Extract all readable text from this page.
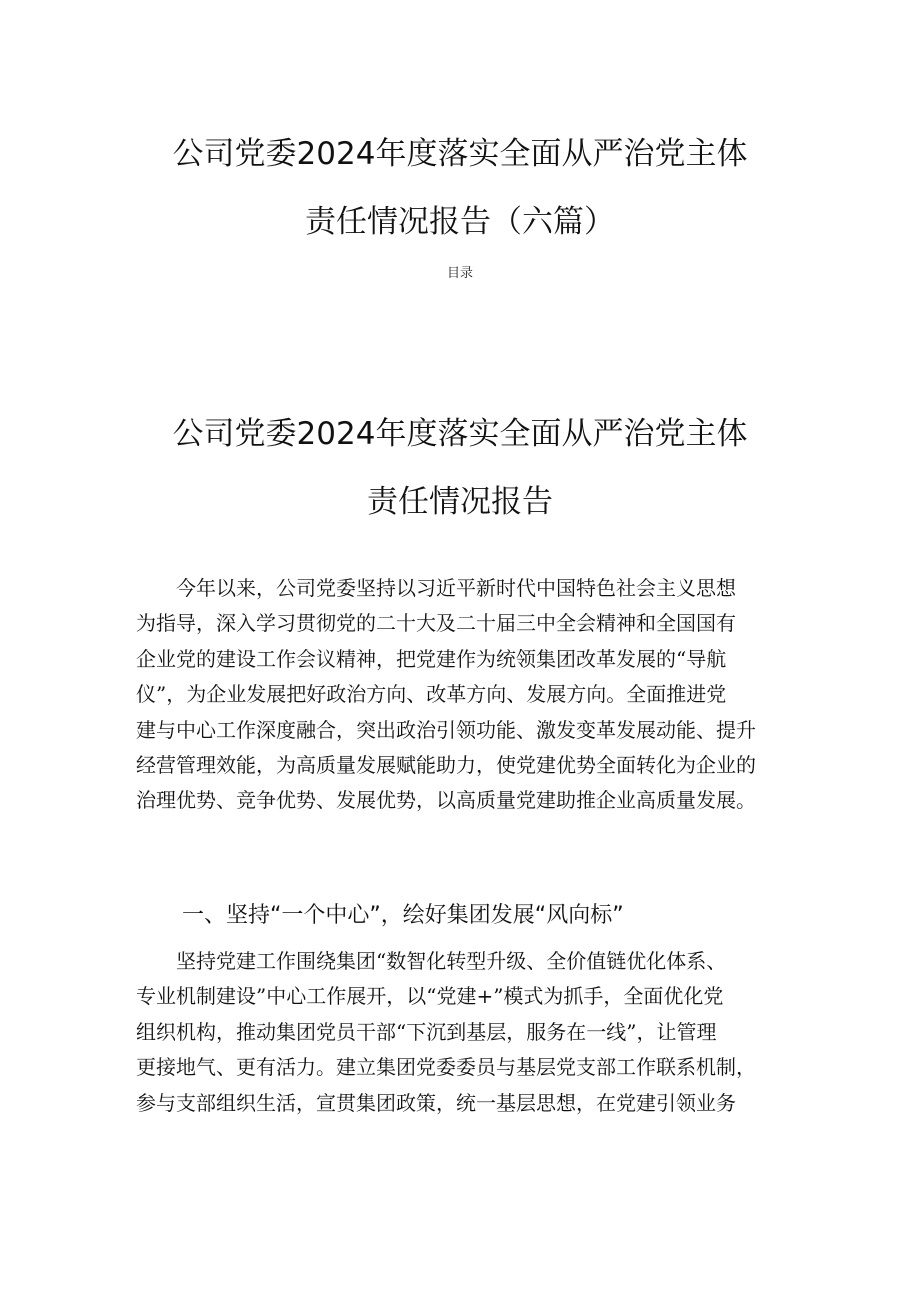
公司党委2024年度落实全面从严治党主体
责任情况报告（六篇）
目录
公司党委2024年度落实全面从严治党主体
责任情况报告
　　今年以来，公司党委坚持以习近平新时代中国特色社会主义思想
为指导，深入学习贯彻党的二十大及二十届三中全会精神和全国国有
企业党的建设工作会议精神，把党建作为统领集团改革发展的“导航
仪”，为企业发展把好政治方向、改革方向、发展方向。全面推进党
建与中心工作深度融合，突出政治引领功能、激发变革发展动能、提升
经营管理效能，为高质量发展赋能助力，使党建优势全面转化为企业的
治理优势、竞争优势、发展优势，以高质量党建助推企业高质量发展。
一、坚持“一个中心”，绘好集团发展“风向标”
　　坚持党建工作围绕集团“数智化转型升级、全价值链优化体系、
专业机制建设”中心工作展开，以“党建+”模式为抓手，全面优化党
组织机构，推动集团党员干部“下沉到基层，服务在一线”，让管理
更接地气、更有活力。建立集团党委委员与基层党支部工作联系机制，
参与支部组织生活，宣贯集团政策，统一基层思想，在党建引领业务
